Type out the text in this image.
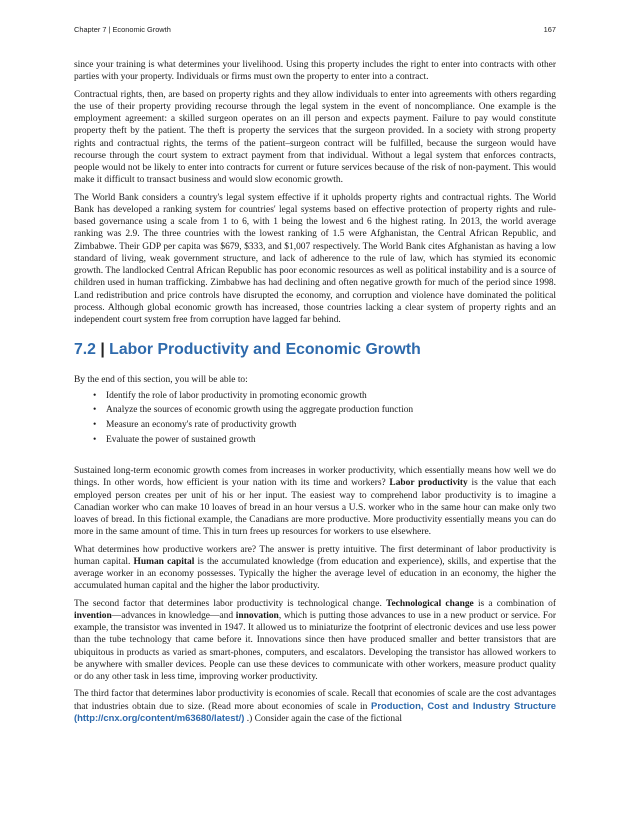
Chapter 7 | Economic Growth	167

since your training is what determines your livelihood. Using this property includes the right to enter into contracts with other parties with your property. Individuals or firms must own the property to enter into a contract.

Contractual rights, then, are based on property rights and they allow individuals to enter into agreements with others regarding the use of their property providing recourse through the legal system in the event of noncompliance. One example is the employment agreement: a skilled surgeon operates on an ill person and expects payment. Failure to pay would constitute property theft by the patient. The theft is property the services that the surgeon provided. In a society with strong property rights and contractual rights, the terms of the patient–surgeon contract will be fulfilled, because the surgeon would have recourse through the court system to extract payment from that individual. Without a legal system that enforces contracts, people would not be likely to enter into contracts for current or future services because of the risk of non-payment. This would make it difficult to transact business and would slow economic growth.

The World Bank considers a country's legal system effective if it upholds property rights and contractual rights. The World Bank has developed a ranking system for countries' legal systems based on effective protection of property rights and rule-based governance using a scale from 1 to 6, with 1 being the lowest and 6 the highest rating. In 2013, the world average ranking was 2.9. The three countries with the lowest ranking of 1.5 were Afghanistan, the Central African Republic, and Zimbabwe. Their GDP per capita was $679, $333, and $1,007 respectively. The World Bank cites Afghanistan as having a low standard of living, weak government structure, and lack of adherence to the rule of law, which has stymied its economic growth. The landlocked Central African Republic has poor economic resources as well as political instability and is a source of children used in human trafficking. Zimbabwe has had declining and often negative growth for much of the period since 1998. Land redistribution and price controls have disrupted the economy, and corruption and violence have dominated the political process. Although global economic growth has increased, those countries lacking a clear system of property rights and an independent court system free from corruption have lagged far behind.

7.2 | Labor Productivity and Economic Growth

By the end of this section, you will be able to:

• Identify the role of labor productivity in promoting economic growth
• Analyze the sources of economic growth using the aggregate production function
• Measure an economy's rate of productivity growth
• Evaluate the power of sustained growth

Sustained long-term economic growth comes from increases in worker productivity, which essentially means how well we do things. In other words, how efficient is your nation with its time and workers? Labor productivity is the value that each employed person creates per unit of his or her input. The easiest way to comprehend labor productivity is to imagine a Canadian worker who can make 10 loaves of bread in an hour versus a U.S. worker who in the same hour can make only two loaves of bread. In this fictional example, the Canadians are more productive. More productivity essentially means you can do more in the same amount of time. This in turn frees up resources for workers to use elsewhere.

What determines how productive workers are? The answer is pretty intuitive. The first determinant of labor productivity is human capital. Human capital is the accumulated knowledge (from education and experience), skills, and expertise that the average worker in an economy possesses. Typically the higher the average level of education in an economy, the higher the accumulated human capital and the higher the labor productivity.

The second factor that determines labor productivity is technological change. Technological change is a combination of invention—advances in knowledge—and innovation, which is putting those advances to use in a new product or service. For example, the transistor was invented in 1947. It allowed us to miniaturize the footprint of electronic devices and use less power than the tube technology that came before it. Innovations since then have produced smaller and better transistors that are ubiquitous in products as varied as smart-phones, computers, and escalators. Developing the transistor has allowed workers to be anywhere with smaller devices. People can use these devices to communicate with other workers, measure product quality or do any other task in less time, improving worker productivity.

The third factor that determines labor productivity is economies of scale. Recall that economies of scale are the cost advantages that industries obtain due to size. (Read more about economies of scale in Production, Cost and Industry Structure (http://cnx.org/content/m63680/latest/) .) Consider again the case of the fictional
